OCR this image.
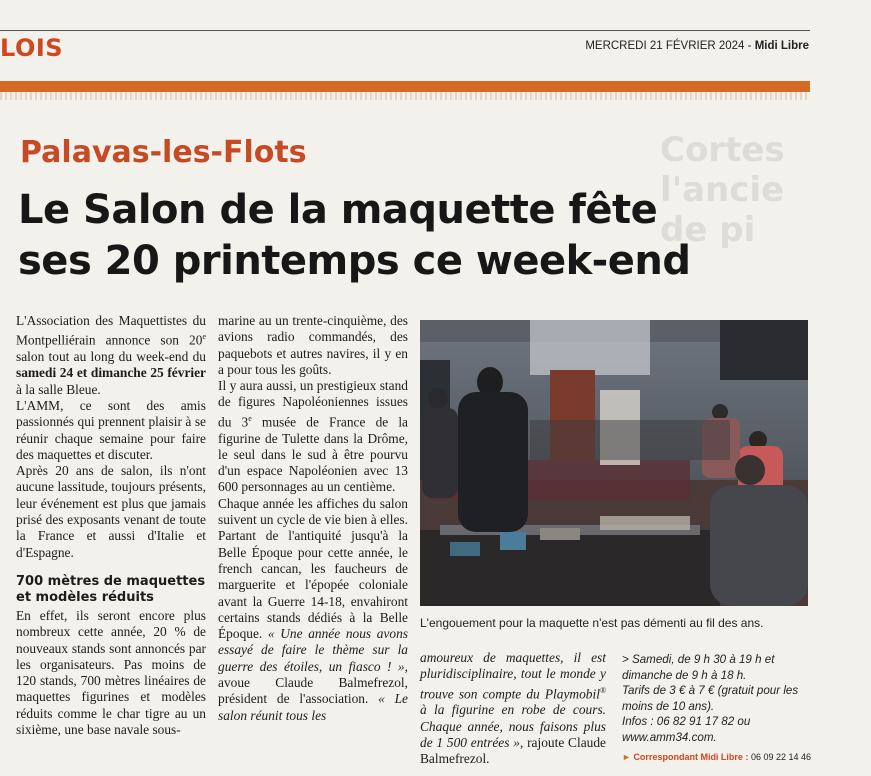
LOIS	MERCREDI 21 FÉVRIER 2024 - Midi Libre
Cortes
l'ancie
de pi
Palavas-les-Flots
Le Salon de la maquette fête
ses 20 printemps ce week-end

L'Association des Maquettistes du Montpelliérain annonce son 20e salon tout au long du week-end du samedi 24 et dimanche 25 février à la salle Bleue.

L'AMM, ce sont des amis passionnés qui prennent plaisir à se réunir chaque semaine pour faire des maquettes et discuter.

Après 20 ans de salon, ils n'ont aucune lassitude, toujours présents, leur événement est plus que jamais prisé des exposants venant de toute la France et aussi d'Italie et d'Espagne.

700 mètres de maquettes et modèles réduits

En effet, ils seront encore plus nombreux cette année, 20 % de nouveaux stands sont annoncés par les organisateurs. Pas moins de 120 stands, 700 mètres linéaires de maquettes figurines et modèles réduits comme le char tigre au un sixième, une base navale sous-

marine au un trente-cinquième, des avions radio commandés, des paquebots et autres navires, il y en a pour tous les goûts.

Il y aura aussi, un prestigieux stand de figures Napoléoniennes issues du 3e musée de France de la figurine de Tulette dans la Drôme, le seul dans le sud à être pourvu d'un espace Napoléonien avec 13 600 personnages au un centième.

Chaque année les affiches du salon suivent un cycle de vie bien à elles. Partant de l'antiquité jusqu'à la Belle Époque pour cette année, le french cancan, les faucheurs de marguerite et l'épopée coloniale avant la Guerre 14-18, envahiront certains stands dédiés à la Belle Époque. « Une année nous avons essayé de faire le thème sur la guerre des étoiles, un fiasco ! », avoue Claude Balmefrezol, président de l'association. « Le salon réunit tous les

L'engouement pour la maquette n'est pas démenti au fil des ans.
amoureux de maquettes, il est pluridisciplinaire, tout le monde y trouve son compte du Playmobil® à la figurine en robe de cours. Chaque année, nous faisons plus de 1 500 entrées », rajoute Claude Balmefrezol.

> Samedi, de 9 h 30 à 19 h et dimanche de 9 h à 18 h.

Tarifs de 3 € à 7 € (gratuit pour les moins de 10 ans).

Infos : 06 82 91 17 82 ou

www.amm34.com.

► Correspondant Midi Libre : 06 09 22 14 46
